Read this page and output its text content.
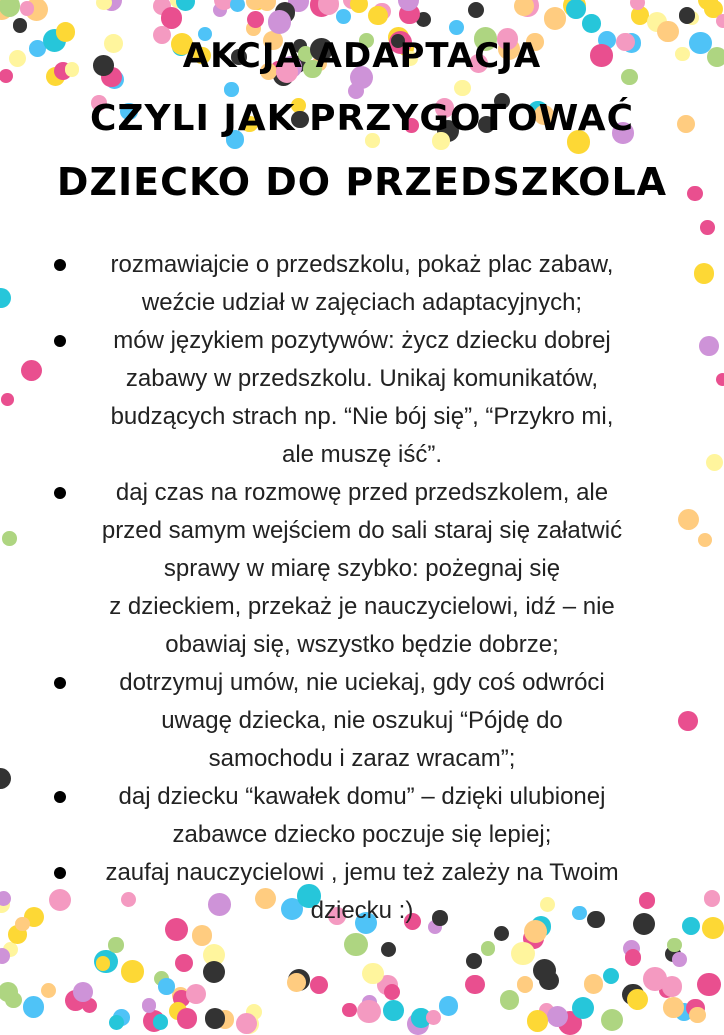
AKCJA ADAPTACJA
CZYLI JAK PRZYGOTOWAĆ
DZIECKO DO PRZEDSZKOLA
rozmawiajcie o przedszkolu, pokaż plac zabaw,
weźcie udział w zajęciach adaptacyjnych;
mów językiem pozytywów: życz dziecku dobrej
zabawy w przedszkolu. Unikaj komunikatów,
budzących strach np. “Nie bój się”, “Przykro mi,
ale muszę iść”.
daj czas na rozmowę przed przedszkolem, ale
przed samym wejściem do sali staraj się załatwić
sprawy w miarę szybko: pożegnaj się
z dzieckiem, przekaż je nauczycielowi, idź – nie
obawiaj się, wszystko będzie dobrze;
dotrzymuj umów, nie uciekaj, gdy coś odwróci
uwagę dziecka, nie oszukuj “Pójdę do
samochodu i zaraz wracam”;
daj dziecku “kawałek domu” – dzięki ulubionej
zabawce dziecko poczuje się lepiej;
zaufaj nauczycielowi , jemu też zależy na Twoim
dziecku :)
